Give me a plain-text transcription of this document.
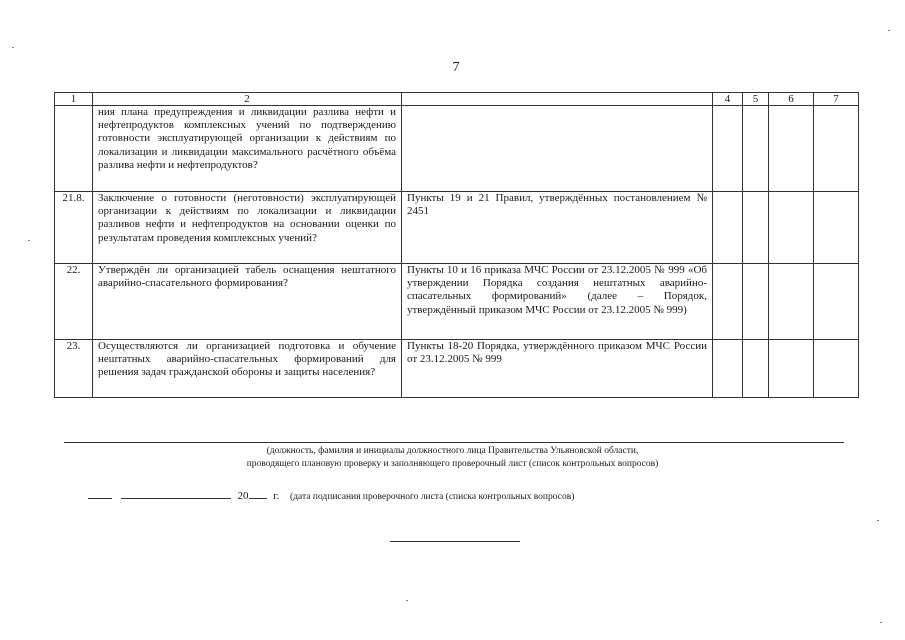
7
1	2		4	5	6	7
	ния плана предупреждения и ликвидации разлива нефти и нефтепродуктов комплексных учений по подтверждению готовности эксплуатирующей организации к действиям по локализации и ликвидации максимального расчётного объёма разлива нефти и нефтепродуктов?					
21.8.	Заключение о готовности (неготовности) эксплуатирующей организации к действиям по локализации и ликвидации разливов нефти и нефтепродуктов на основании оценки по результатам проведения комплексных учений?	Пункты 19 и 21 Правил, утверждённых постановлением № 2451				
22.	Утверждён ли организацией табель оснащения нештатного аварийно-спасательного формирования?	Пункты 10 и 16 приказа МЧС России от 23.12.2005 № 999 «Об утверждении Порядка создания нештатных аварийно-спасательных формирований» (далее – Порядок, утверждённый приказом МЧС России от 23.12.2005 № 999)				
23.	Осуществляются ли организацией подготовка и обучение нештатных аварийно-спасательных формирований для решения задач гражданской обороны и защиты населения?	Пункты 18-20 Порядка, утверждённого приказом МЧС России от 23.12.2005 № 999				
(должность, фамилия и инициалы должностного лица Правительства Ульяновской области,
проводящего плановую проверку и заполняющего проверочный лист (список контрольных вопросов)
20 г. (дата подписания проверочного листа (списка контрольных вопросов)
